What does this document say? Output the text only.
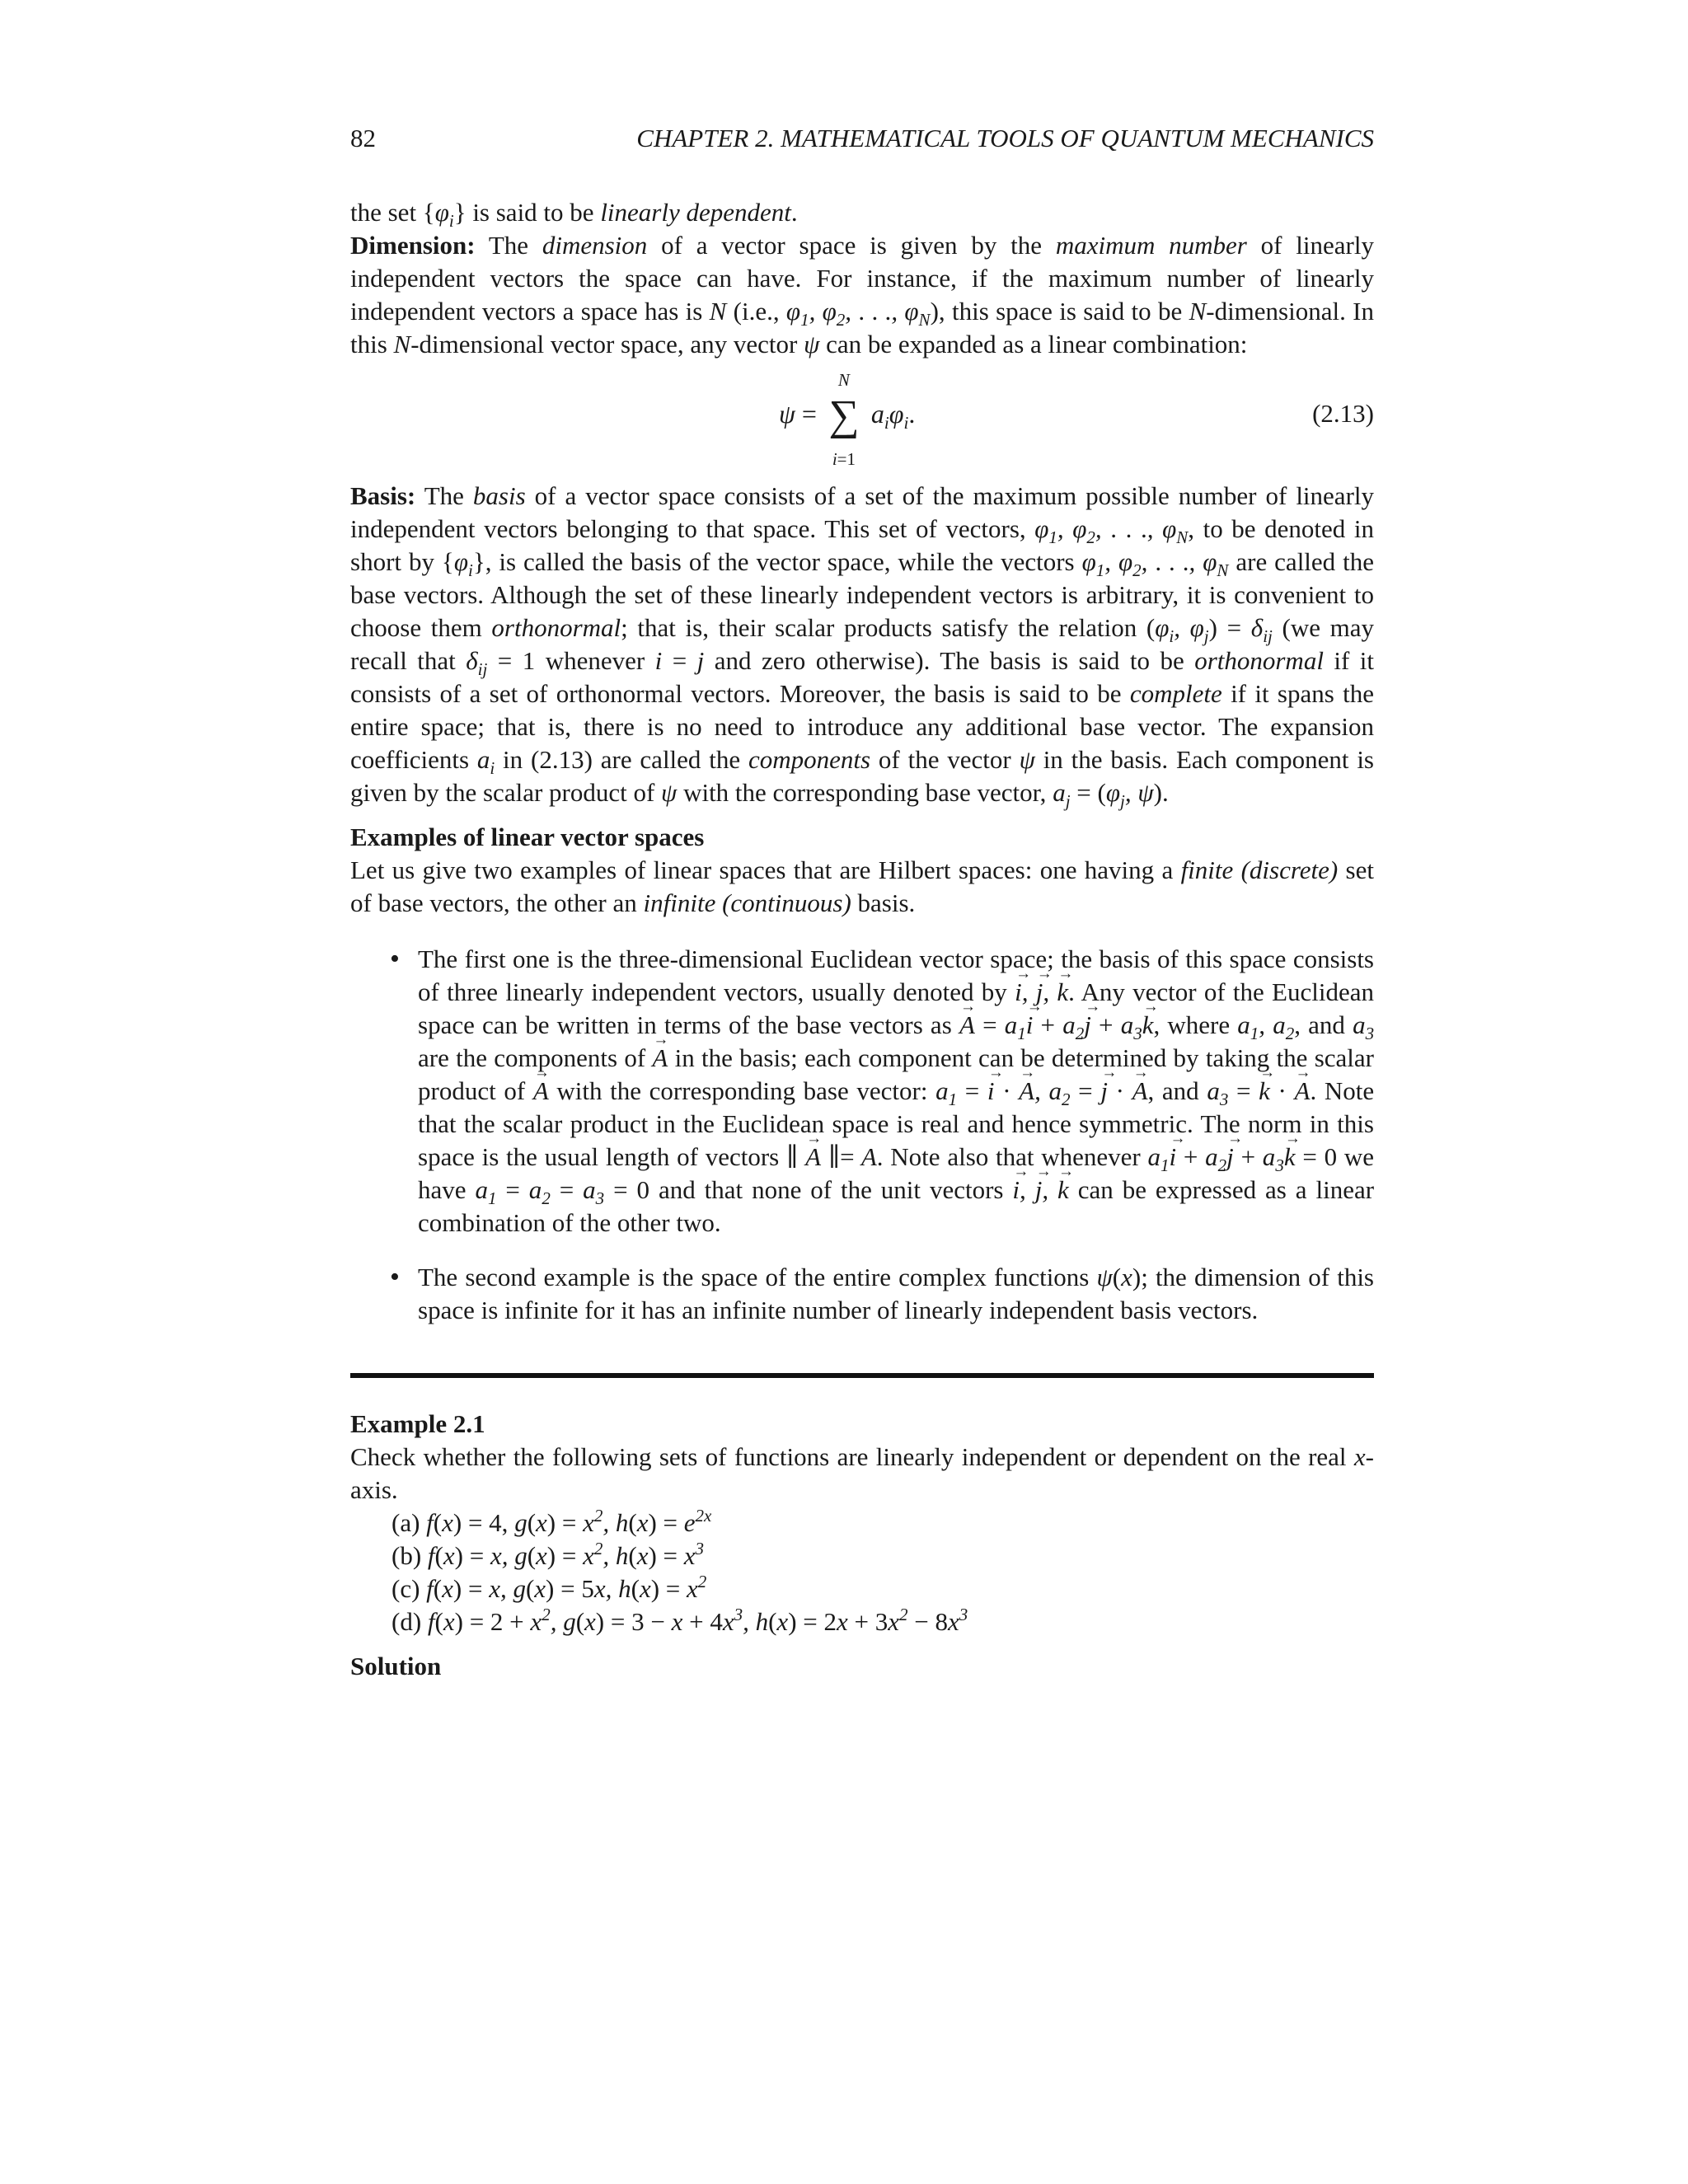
82	CHAPTER 2. MATHEMATICAL TOOLS OF QUANTUM MECHANICS

the set $\{\varphi_i\}$ is said to be linearly dependent.

Dimension: The dimension of a vector space is given by the maximum number of linearly independent vectors the space can have. For instance, if the maximum number of linearly independent vectors a space has is N (i.e., $\varphi_1$, $\varphi_2$, . . ., $\varphi_N$), this space is said to be N-dimensional. In this N-dimensional vector space, any vector ψ can be expanded as a linear combination:

ψ =
N
∑
i=1
$a_i\varphi_i$.	(2.13)

Basis: The basis of a vector space consists of a set of the maximum possible number of linearly independent vectors belonging to that space. This set of vectors, $\varphi_1$, $\varphi_2$, . . ., $\varphi_N$, to be denoted in short by $\{\varphi_i\}$, is called the basis of the vector space, while the vectors $\varphi_1$, $\varphi_2$, . . ., $\varphi_N$ are called the base vectors. Although the set of these linearly independent vectors is arbitrary, it is convenient to choose them orthonormal; that is, their scalar products satisfy the relation ($\varphi_i$, $\varphi_j) = \delta_{ij}$ (we may recall that $\delta_{ij} = 1$ whenever i = j and zero otherwise). The basis is said to be orthonormal if it consists of a set of orthonormal vectors. Moreover, the basis is said to be complete if it spans the entire space; that is, there is no need to introduce any additional base vector. The expansion coefficients $a_i$ in (2.13) are called the components of the vector ψ in the basis. Each component is given by the scalar product of ψ with the corresponding base vector, $a_j = (\varphi_j$, ψ).

Examples of linear vector spaces

Let us give two examples of linear spaces that are Hilbert spaces: one having a finite (discrete) set of base vectors, the other an infinite (continuous) basis.

• The first one is the three-dimensional Euclidean vector space; the basis of this space consists of three linearly independent vectors, usually denoted by → i, → j, → k. Any vector of the Euclidean space can be written in terms of the base vectors as → $A = a_1\to i + a_2\to j + a_3\to k$, where $a_1$, $a_2$, and $a_3$ are the components of → A in the basis; each component can be determined by taking the scalar product of → A with the corresponding base vector: $a_1$ = → i · → A, $a_2$ = → j · → A, and $a_3$ = → k · → A. Note that the scalar product in the Euclidean space is real and hence symmetric. The norm in this space is the usual length of vectors ∥ → A ∥= A. Note also that whenever $a_1\to i + a_2\to j + a_3\to k = 0$ we have $a_1 = a_2 = a_3 = 0$ and that none of the unit vectors → i, → j, → k can be expressed as a linear combination of the other two.
• The second example is the space of the entire complex functions ψ(x); the dimension of this space is infinite for it has an infinite number of linearly independent basis vectors.

Example 2.1

Check whether the following sets of functions are linearly independent or dependent on the real x-axis.

(a) f(x) = 4, $g(x) = x^2$, $h(x) = e^{2x}$
(b) f(x) = x, $g(x) = x^2$, $h(x) = x^3$
(c) f(x) = x, g(x) = 5x, $h(x) = x^2$
(d) $f(x) = 2 + x^2$, $g(x) = 3 - x + 4x^3$, $h(x) = 2x + 3x^2 - 8x^3$

Solution
